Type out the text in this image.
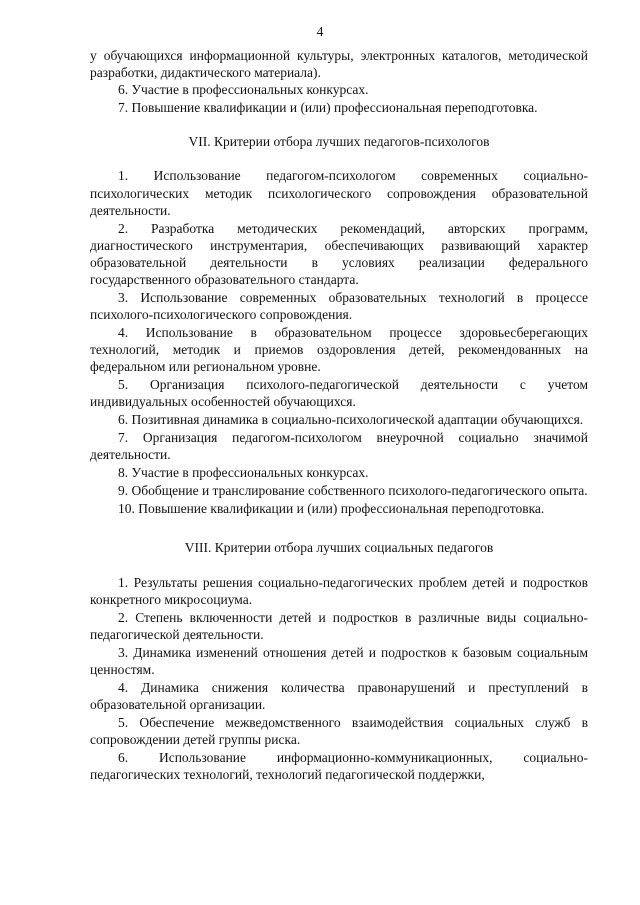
4

у обучающихся информационной культуры, электронных каталогов, методической разработки, дидактического материала).

6. Участие в профессиональных конкурсах.

7. Повышение квалификации и (или) профессиональная переподготовка.

VII. Критерии отбора лучших педагогов-психологов

1. Использование педагогом-психологом современных социально-психологических методик психологического сопровождения образовательной деятельности.

2. Разработка методических рекомендаций, авторских программ, диагностического инструментария, обеспечивающих развивающий характер образовательной деятельности в условиях реализации федерального государственного образовательного стандарта.

3. Использование современных образовательных технологий в процессе психолого-психологического сопровождения.

4. Использование в образовательном процессе здоровьесберегающих технологий, методик и приемов оздоровления детей, рекомендованных на федеральном или региональном уровне.

5. Организация психолого-педагогической деятельности с учетом индивидуальных особенностей обучающихся.

6. Позитивная динамика в социально-психологической адаптации обучающихся.

7. Организация педагогом-психологом внеурочной социально значимой деятельности.

8. Участие в профессиональных конкурсах.

9. Обобщение и транслирование собственного психолого-педагогического опыта.

10. Повышение квалификации и (или) профессиональная переподготовка.

VIII. Критерии отбора лучших социальных педагогов

1. Результаты решения социально-педагогических проблем детей и подростков конкретного микросоциума.

2. Степень включенности детей и подростков в различные виды социально-педагогической деятельности.

3. Динамика изменений отношения детей и подростков к базовым социальным ценностям.

4. Динамика снижения количества правонарушений и преступлений в образовательной организации.

5. Обеспечение межведомственного взаимодействия социальных служб в сопровождении детей группы риска.

6. Использование информационно-коммуникационных, социально-педагогических технологий, технологий педагогической поддержки,
